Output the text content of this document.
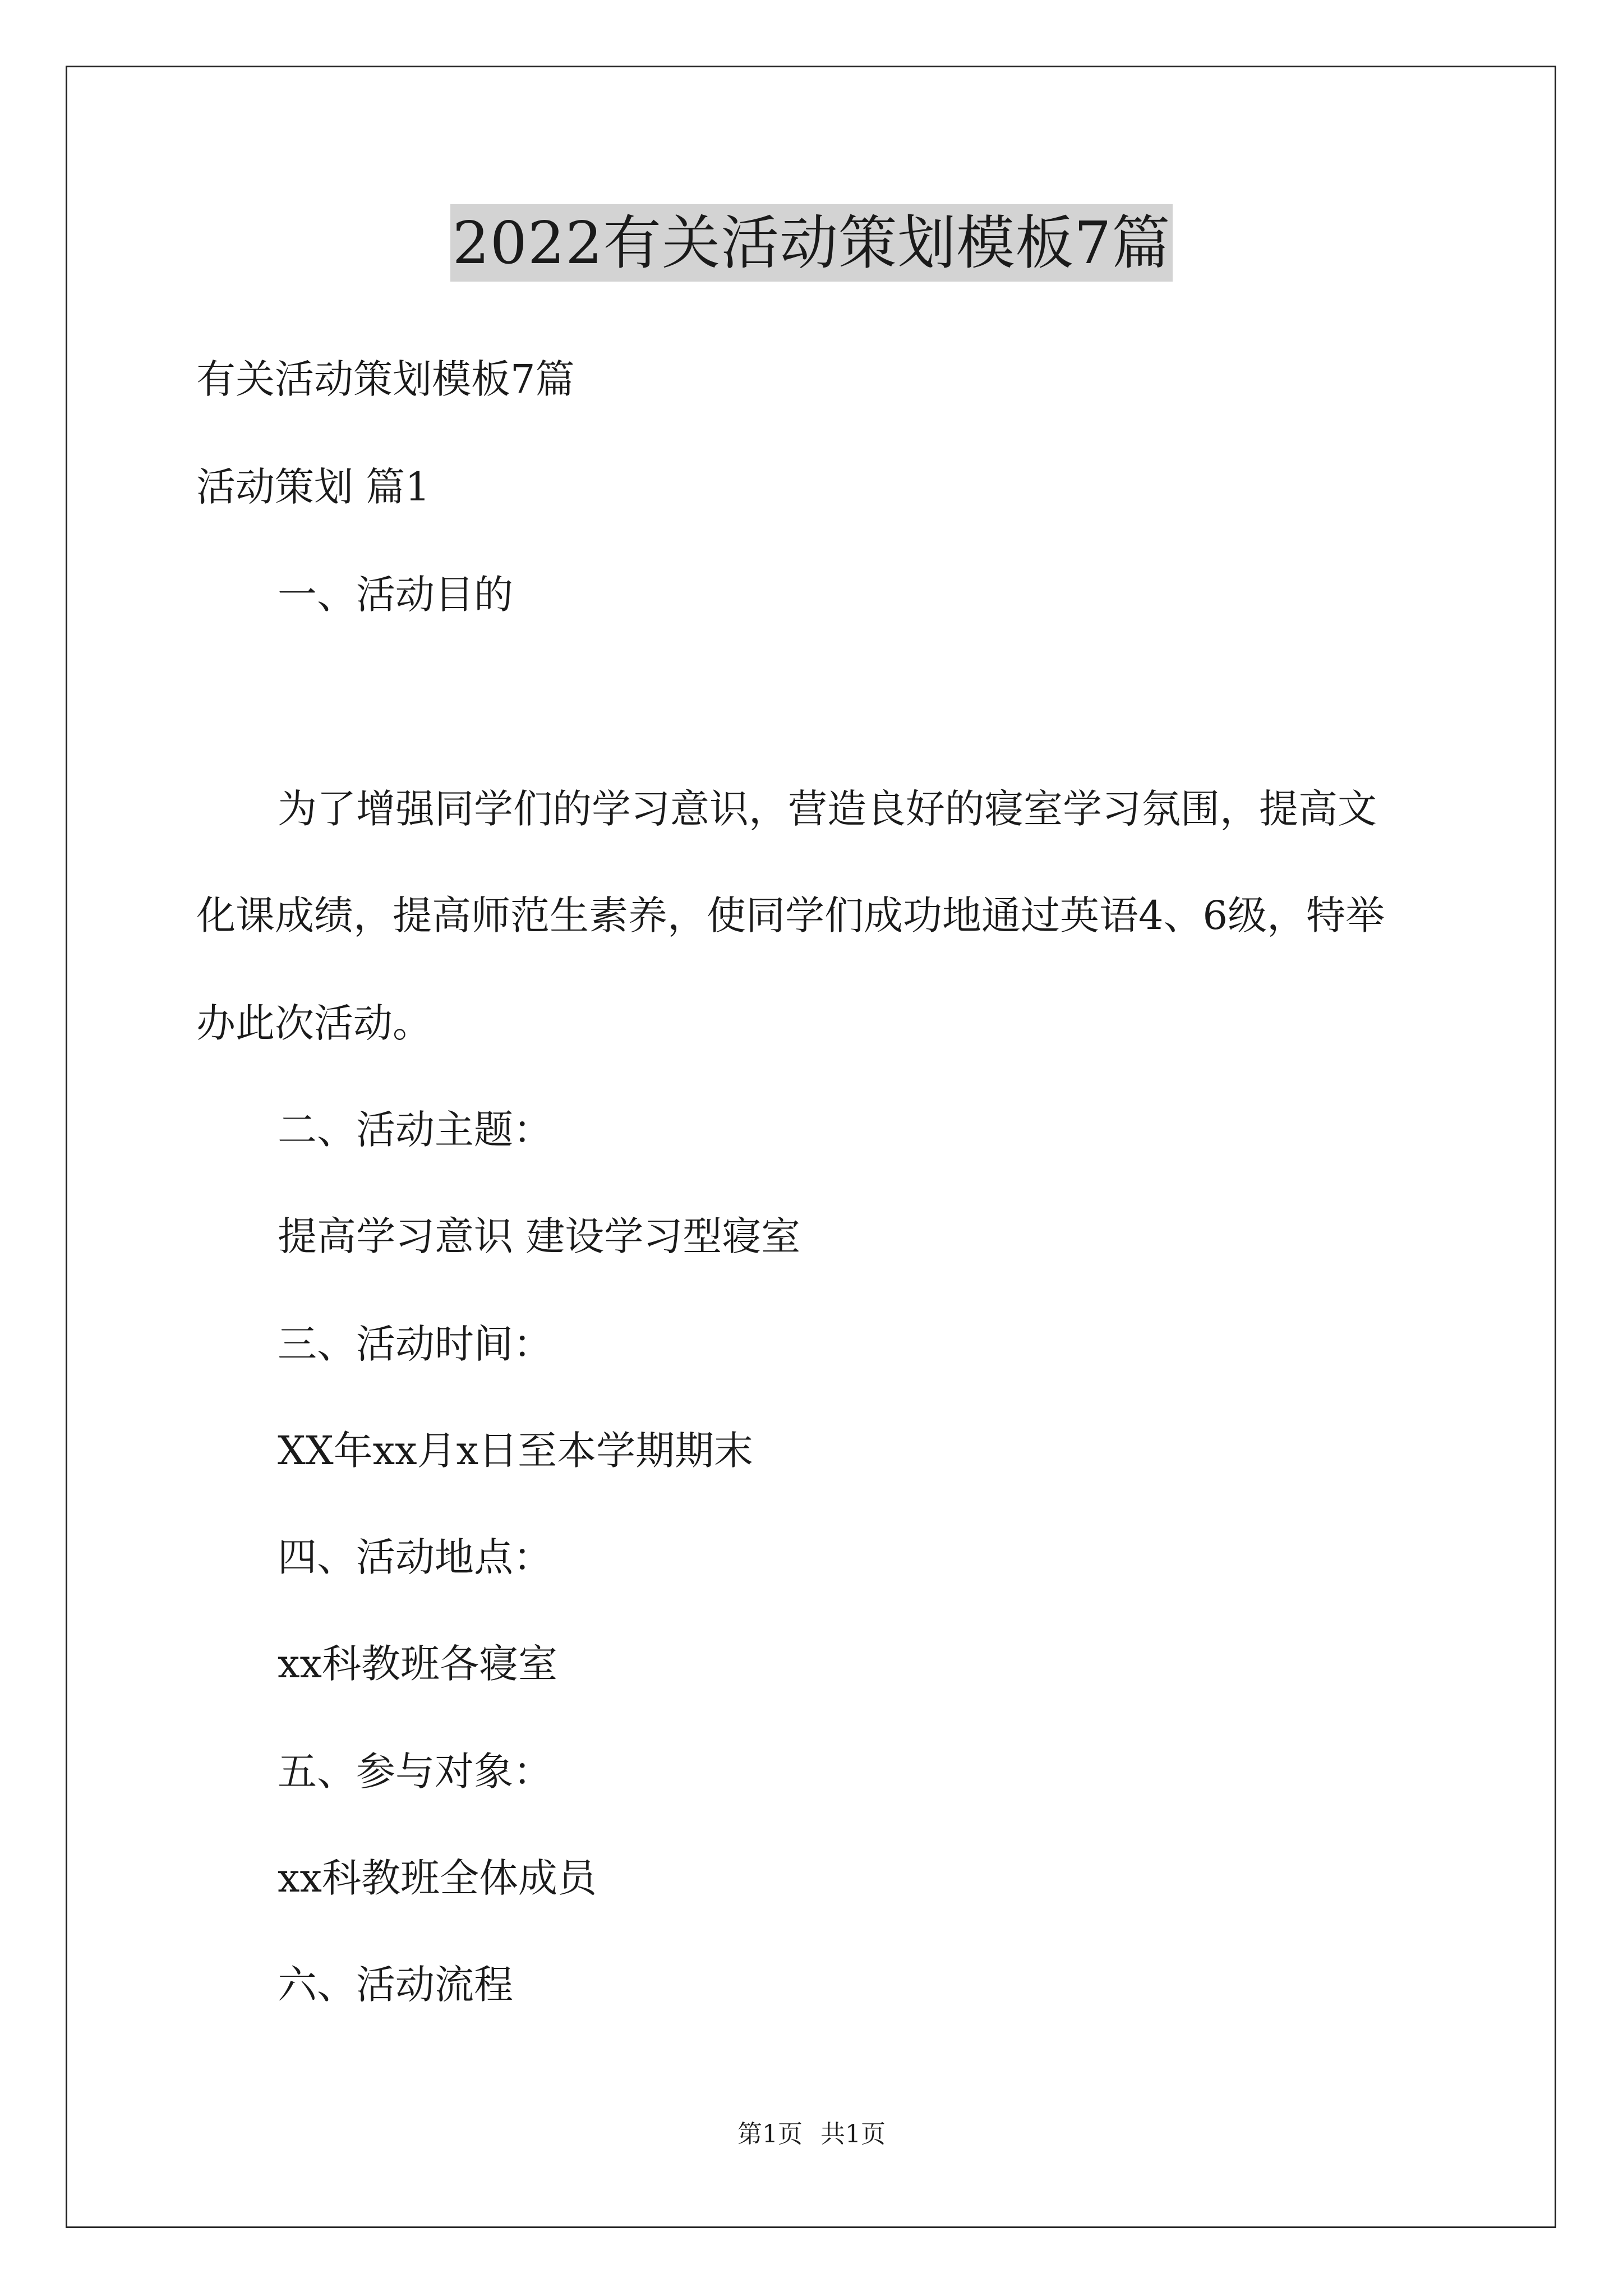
2022有关活动策划模板7篇
有关活动策划模板7篇
活动策划 篇1
一、活动目的
为了增强同学们的学习意识，营造良好的寝室学习氛围，提高文
化课成绩，提高师范生素养，使同学们成功地通过英语4、6级，特举
办此次活动。
二、活动主题：
提高学习意识 建设学习型寝室
三、活动时间：
XX年xx月x日至本学期期末
四、活动地点：
xx科教班各寝室
五、参与对象：
xx科教班全体成员
六、活动流程
第1页 共1页
